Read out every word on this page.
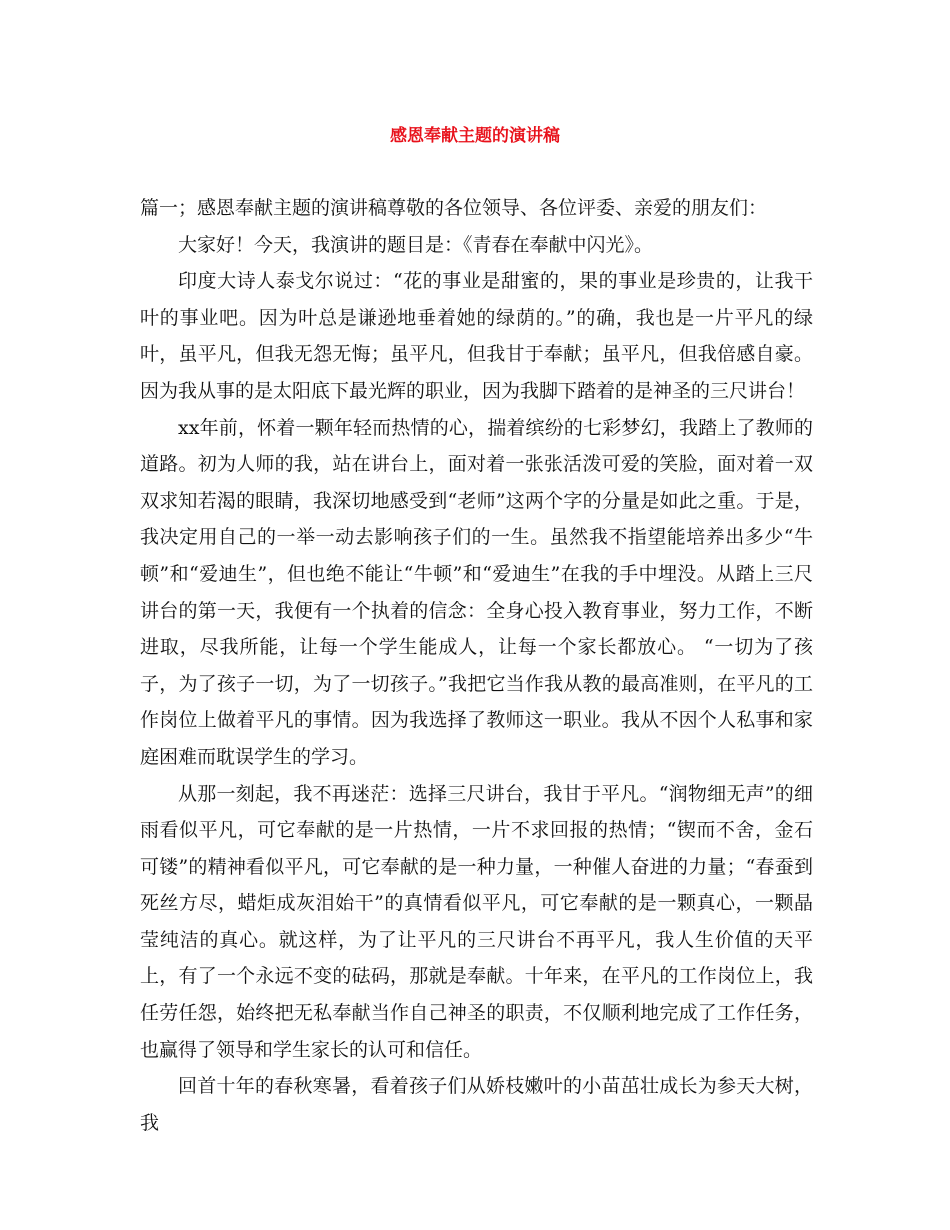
感恩奉献主题的演讲稿

篇一；感恩奉献主题的演讲稿尊敬的各位领导、各位评委、亲爱的朋友们：

大家好！今天，我演讲的题目是：《青春在奉献中闪光》。

印度大诗人泰戈尔说过：“花的事业是甜蜜的，果的事业是珍贵的，让我干叶的事业吧。因为叶总是谦逊地垂着她的绿荫的。”的确，我也是一片平凡的绿叶，虽平凡，但我无怨无悔；虽平凡，但我甘于奉献；虽平凡，但我倍感自豪。因为我从事的是太阳底下最光辉的职业，因为我脚下踏着的是神圣的三尺讲台！

xx年前，怀着一颗年轻而热情的心，揣着缤纷的七彩梦幻，我踏上了教师的道路。初为人师的我，站在讲台上，面对着一张张活泼可爱的笑脸，面对着一双双求知若渴的眼睛，我深切地感受到“老师”这两个字的分量是如此之重。于是，我决定用自己的一举一动去影响孩子们的一生。虽然我不指望能培养出多少“牛顿”和“爱迪生”，但也绝不能让“牛顿”和“爱迪生”在我的手中埋没。从踏上三尺讲台的第一天，我便有一个执着的信念：全身心投入教育事业，努力工作，不断进取，尽我所能，让每一个学生能成人，让每一个家长都放心。 “一切为了孩子，为了孩子一切，为了一切孩子。”我把它当作我从教的最高准则，在平凡的工作岗位上做着平凡的事情。因为我选择了教师这一职业。我从不因个人私事和家庭困难而耽误学生的学习。

从那一刻起，我不再迷茫：选择三尺讲台，我甘于平凡。“润物细无声”的细雨看似平凡，可它奉献的是一片热情，一片不求回报的热情；“锲而不舍，金石可镂”的精神看似平凡，可它奉献的是一种力量，一种催人奋进的力量；“春蚕到死丝方尽，蜡炬成灰泪始干”的真情看似平凡，可它奉献的是一颗真心，一颗晶莹纯洁的真心。就这样，为了让平凡的三尺讲台不再平凡，我人生价值的天平上，有了一个永远不变的砝码，那就是奉献。十年来，在平凡的工作岗位上，我任劳任怨，始终把无私奉献当作自己神圣的职责，不仅顺利地完成了工作任务，也赢得了领导和学生家长的认可和信任。

回首十年的春秋寒暑，看着孩子们从娇枝嫩叶的小苗茁壮成长为参天大树，我
